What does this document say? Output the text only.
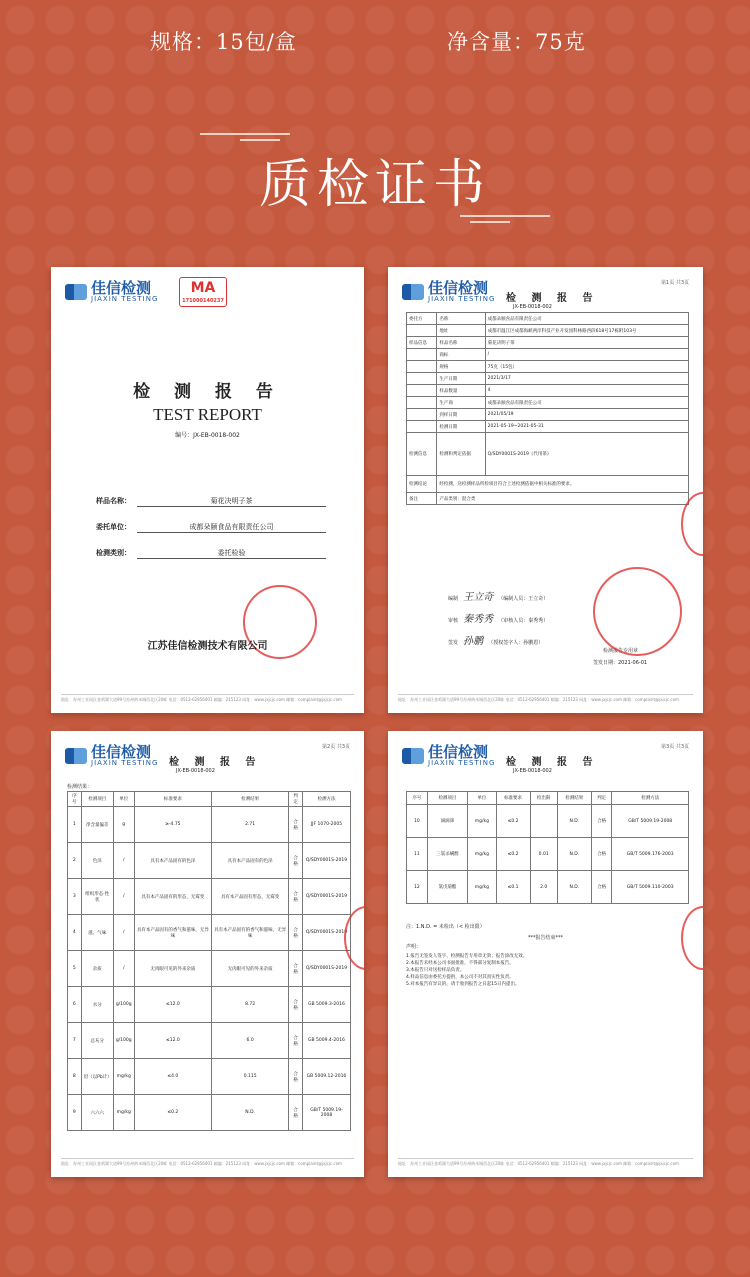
规格：15包/盒	净含量：75克
质检证书
佳信检测
JIAXIN TESTING
MA
171000140237
检 测 报 告
TEST REPORT
编号：JX-EB-0018-002
样品名称：	菊花决明子茶
委托单位：	成都朵颐食品有限责任公司
检测类别：	委托检验
江苏佳信检测技术有限公司
地址：苏州工业园区金鸡湖大道99号苏州纳米城西北区20栋 电话：0512-62956401 邮编：215123 网址：www.jxjcjc.com 邮箱：complaint@jxjcjc.com
佳信检测
JIAXIN TESTING 检 测 报 告
JX-EB-0018-002
第1页 共3页
委托方	名称	成都朵颐食品有限责任公司
	地址	成都市温江区成都海峡两岸科技产业开发园科林路西段618号17栋附103号
样品信息	样品名称	菊花决明子茶
	商标	/
	规格	75克（15包）
	生产日期	2021/3/17
	样品数量	4
	生产商	成都朵颐食品有限责任公司
	到样日期	2021/05/19
	检测日期	2021-05-19~2021-05-31
检测信息	检测和判定依据	Q/SDY0001S-2019《代用茶》
检测结论	经检测，送检测样品所检项目符合上述检测依据中相关标准的要求。	
备注	产品类别：混合类	
编制 王立奇 （编制人员：王立奇）
审核 秦秀秀 （审核人员：秦秀秀）
签发 孙鹏 （授权签字人：孙鹏恩）
检测报告专用章
签发日期：2021-06-01
地址：苏州工业园区金鸡湖大道99号苏州纳米城西北区20栋 电话：0512-62956401 邮编：215123 网址：www.jxjcjc.com 邮箱：complaint@jxjcjc.com
佳信检测
JIAXIN TESTING 检 测 报 告
JX-EB-0018-002
第2页 共3页
检测结果：
序号	检测项目	单位	标准要求	检测结果	判定	检测方法
1	净含量偏差	g	≥-4.75	2.71	合格	JJF 1070-2005
2	色泽	/	具有本产品固有的色泽	具有本产品固有的色泽	合格	Q/SDY0001S-2019
3	组织形态·性状	/	具有本产品固有的形态，无霉变	具有本产品固有形态，无霉变	合格	Q/SDY0001S-2019
4	滋、气味	/	具有本产品固有的香气和滋味，无异味	具有本产品固有的香气和滋味，无异味	合格	Q/SDY0001S-2019
5	杂质	/	无肉眼可见的外来杂质	无肉眼可见的外来杂质	合格	Q/SDY0001S-2019
6	水分	g/100g	≤12.0	8.72	合格	GB 5009.3-2016
7	总灰分	g/100g	≤12.0	6.0	合格	GB 5009.4-2016
8	铅（以Pb计）	mg/kg	≤4.0	0.115	合格	GB 5009.12-2016
9	六六六	mg/kg	≤0.2	N.D.	合格	GB/T 5009.19-2008
地址：苏州工业园区金鸡湖大道99号苏州纳米城西北区20栋 电话：0512-62956401 邮编：215123 网址：www.jxjcjc.com 邮箱：complaint@jxjcjc.com
佳信检测
JIAXIN TESTING 检 测 报 告
JX-EB-0018-002
第3页 共3页
序号	检测项目	单位	标准要求	检出限	检测结果	判定	检测方法
10	滴滴涕	mg/kg	≤0.2		N.D.	合格	GB/T 5009.19-2008
11	三氯杀螨醇	mg/kg	≤0.2	0.01	N.D.	合格	GB/T 5009.176-2003
12	氯戊菊酯	mg/kg	≤0.1	2.0	N.D.	合格	GB/T 5009.110-2003
注：1.N.D. = 未检出（< 检出限）
***报告结束***
声明：
1.报告无签发人签字、检测报告专用章无效；报告涂改无效。
2.本报告未经本公司书面批准，不得部分复制本报告。
3.本报告只对送检样品负责。
4.样品信息由委托方提供，本公司不对其真实性负责。
5.对本报告有异议的，请于收到报告之日起15日内提出。
地址：苏州工业园区金鸡湖大道99号苏州纳米城西北区20栋 电话：0512-62956401 邮编：215123 网址：www.jxjcjc.com 邮箱：complaint@jxjcjc.com
